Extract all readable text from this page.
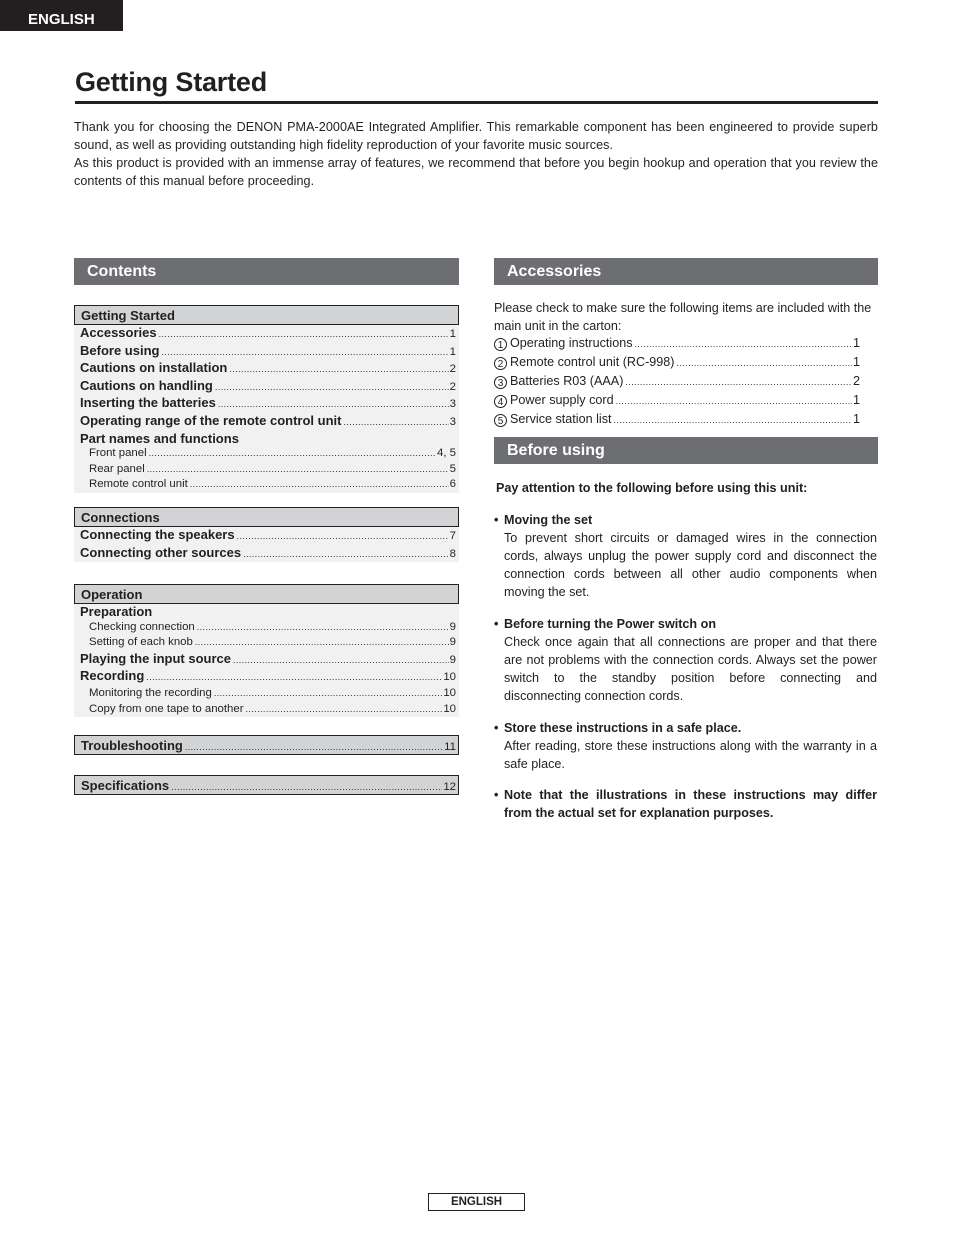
ENGLISH
Getting Started

Thank you for choosing the DENON PMA-2000AE Integrated Amplifier. This remarkable component has been engineered to provide superb sound, as well as providing outstanding high fidelity reproduction of your favorite music sources.

As this product is provided with an immense array of features, we recommend that before you begin hookup and operation that you review the contents of this manual before proceeding.

Contents
Getting Started
Accessories .....	1
Before using .....	1
Cautions on installation .....	2
Cautions on handling .....	2
Inserting the batteries .....	3
Operating range of the remote control unit .....	3
Part names and functions
Front panel .....	4, 5
Rear panel .....	5
Remote control unit .....	6
Connections
Connecting the speakers .....	7
Connecting other sources .....	8
Operation
Preparation
Checking connection .....	9
Setting of each knob .....	9
Playing the input source .....	9
Recording .....	10
Monitoring the recording .....	10
Copy from one tape to another .....	10
Troubleshooting .....	11
Specifications .....	12
Accessories
Please check to make sure the following items are included with the main unit in the carton:
1 Operating instructions .....	1
2 Remote control unit (RC-998) .....	1
3 Batteries R03 (AAA) .....	2
4 Power supply cord .....	1
5 Service station list .....	1
Before using
Pay attention to the following before using this unit:
• Moving the set
To prevent short circuits or damaged wires in the connection cords, always unplug the power supply cord and disconnect the connection cords between all other audio components when moving the set.
• Before turning the Power switch on
Check once again that all connections are proper and that there are not problems with the connection cords. Always set the power switch to the standby position before connecting and disconnecting connection cords.
• Store these instructions in a safe place.
After reading, store these instructions along with the warranty in a safe place.
• Note that the illustrations in these instructions may differ from the actual set for explanation purposes.
ENGLISH
